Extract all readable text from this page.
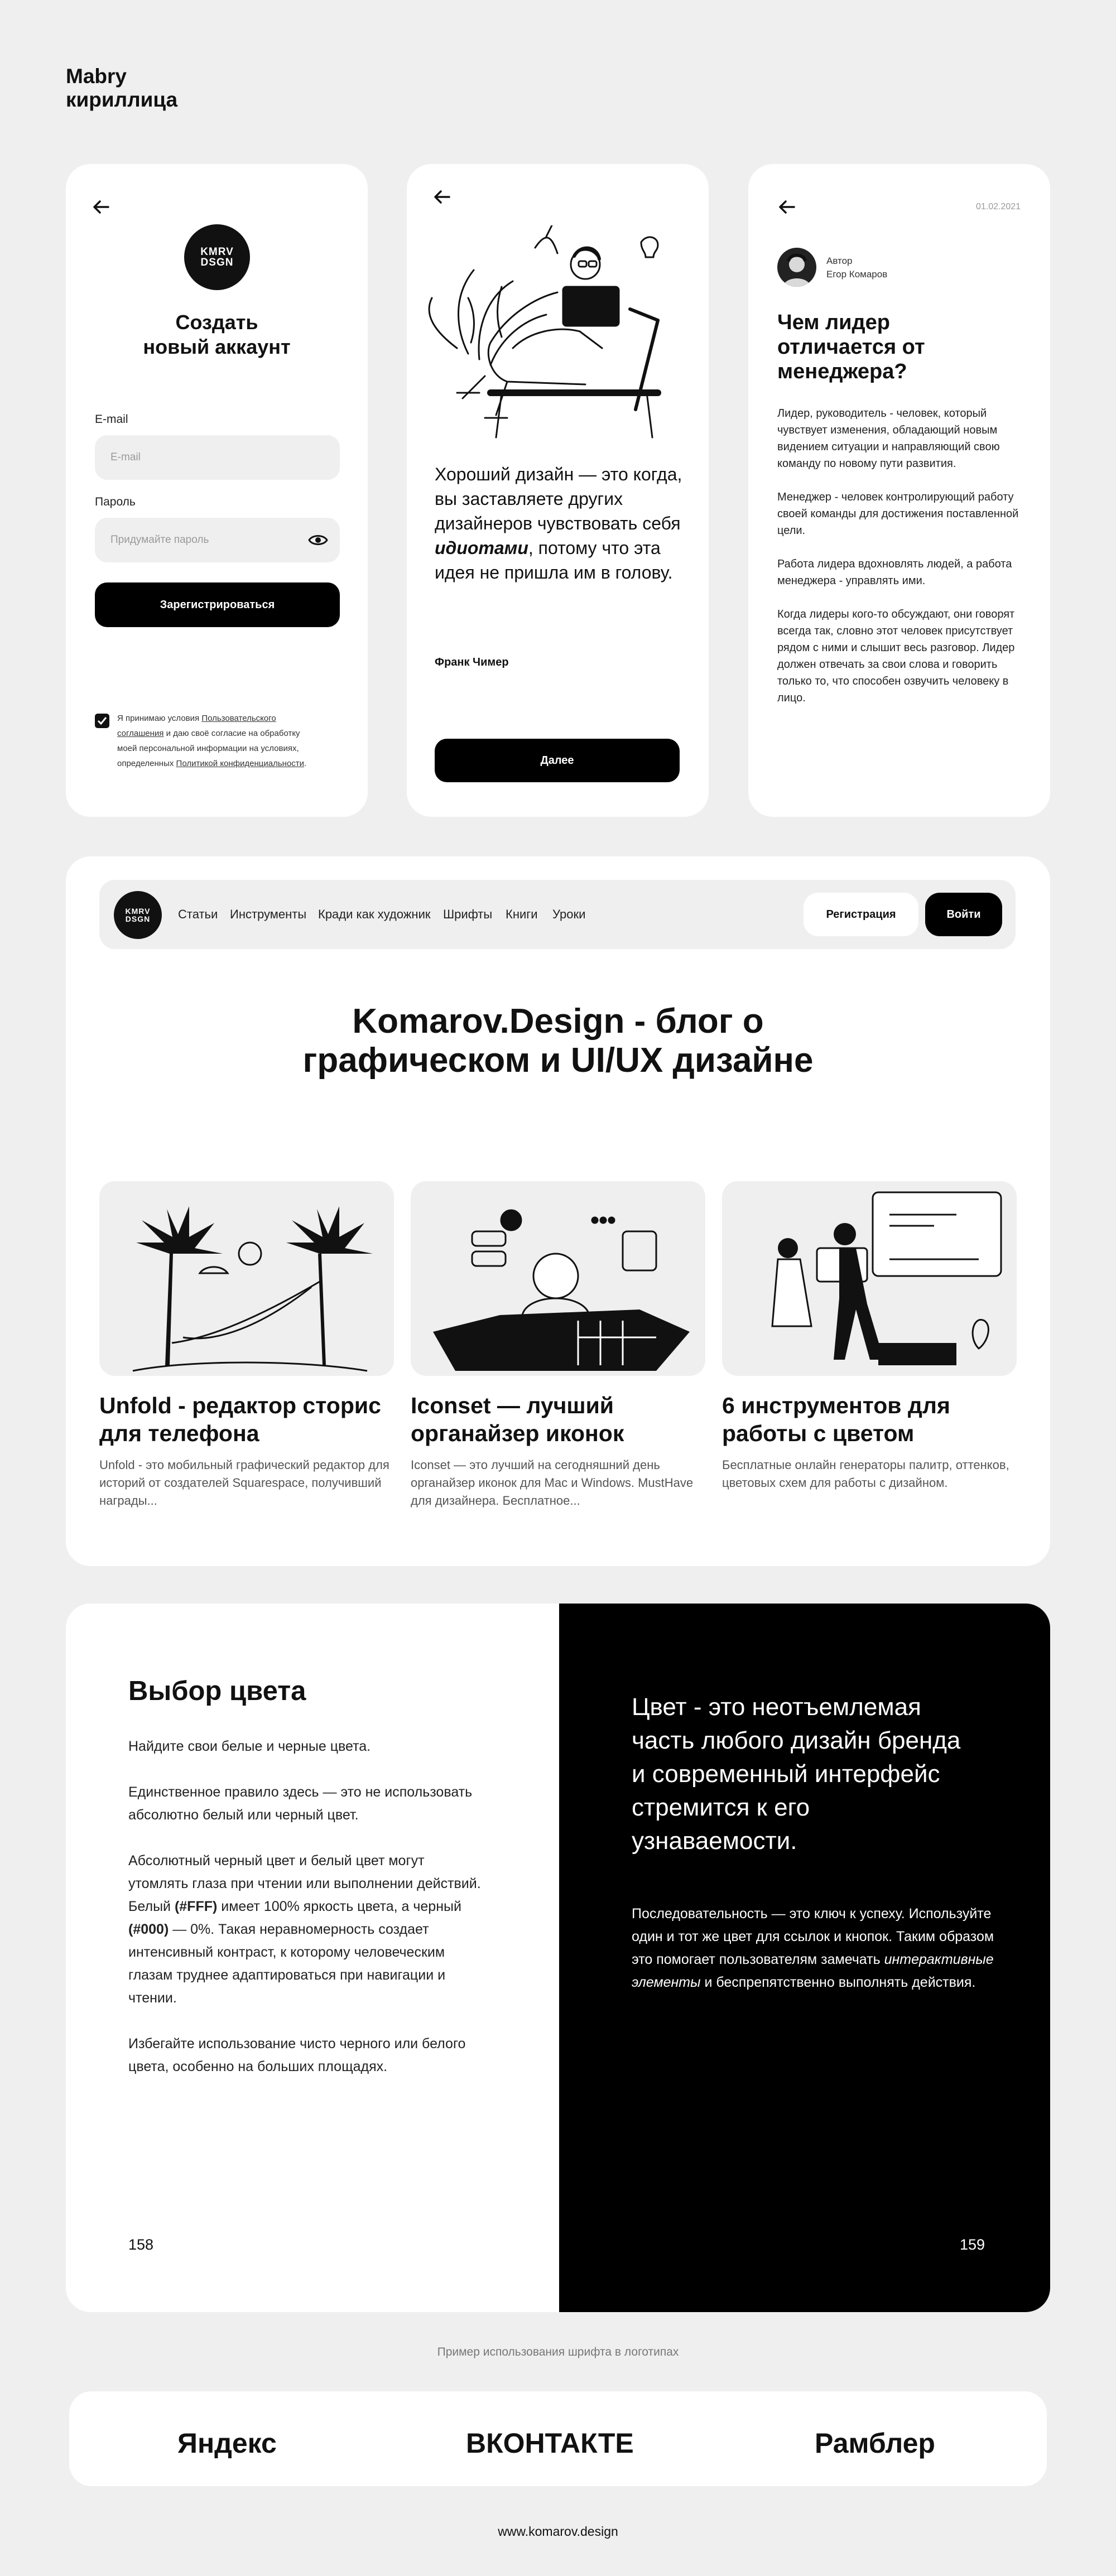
Mabry
кириллица
KMRV
DSGN
Создать
новый аккаунт
E-mail
E-mail
Пароль
Придумайте пароль
Зарегистрироваться
Я принимаю условия Пользовательского
соглашения и даю своё согласие на обработку
моей персональной информации на условиях,
определенных Политикой конфиденциальности.
Хороший дизайн — это когда, вы заставляете других дизайнеров чувствовать себя идиотами, потому что эта идея не пришла им в голову.
Франк Чимер
Далее
01.02.2021
Автор
Егор Комаров
Чем лидер отличается от менеджера?

Лидер, руководитель - человек, который чувствует изменения, обладающий новым видением ситуации и направляющий свою команду по новому пути развития.

Менеджер - человек контролирующий работу своей команды для достижения поставленной цели.

Работа лидера вдохновлять людей, а работа менеджера - управлять ими.

Когда лидеры кого-то обсуждают, они говорят всегда так, словно этот человек присутствует рядом с ними и слышит весь разговор. Лидер должен отвечать за свои слова и говорить только то, что способен озвучить человеку в лицо.

KMRV
DSGN Статьи Инструменты Кради как художник Шрифты Книги Уроки	Регистрация	Войти
Komarov.Design - блог о графическом и UI/UX дизайне
Unfold - редактор сторис для телефона
Unfold - это мобильный графический редактор для историй от создателей Squarespace, получивший награды...
Iconset — лучший органайзер иконок
Iconset — это лучший на сегодняшний день органайзер иконок для Mac и Windows. MustHave для дизайнера. Бесплатное...
6 инструментов для работы с цветом
Бесплатные онлайн генераторы палитр, оттенков, цветовых схем для работы с дизайном.
Выбор цвета

Найдите свои белые и черные цвета.

Единственное правило здесь — это не использовать абсолютно белый или черный цвет.

Абсолютный черный цвет и белый цвет могут утомлять глаза при чтении или выполнении действий. Белый (#FFF) имеет 100% яркость цвета, а черный (#000) — 0%. Такая неравномерность создает интенсивный контраст, к которому человеческим глазам труднее адаптироваться при навигации и чтении.

Избегайте использование чисто черного или белого цвета, особенно на больших площадях.

Цвет - это неотъемлемая часть любого дизайн бренда и современный интерфейс стремится к его узнаваемости.
Последовательность — это ключ к успеху. Используйте один и тот же цвет для ссылок и кнопок. Таким образом это помогает пользователям замечать интерактивные элементы и беспрепятственно выполнять действия.
158	159
Пример использования шрифта в логотипах
Яндекс	ВКОНТАКТЕ	Рамблер
www.komarov.design
